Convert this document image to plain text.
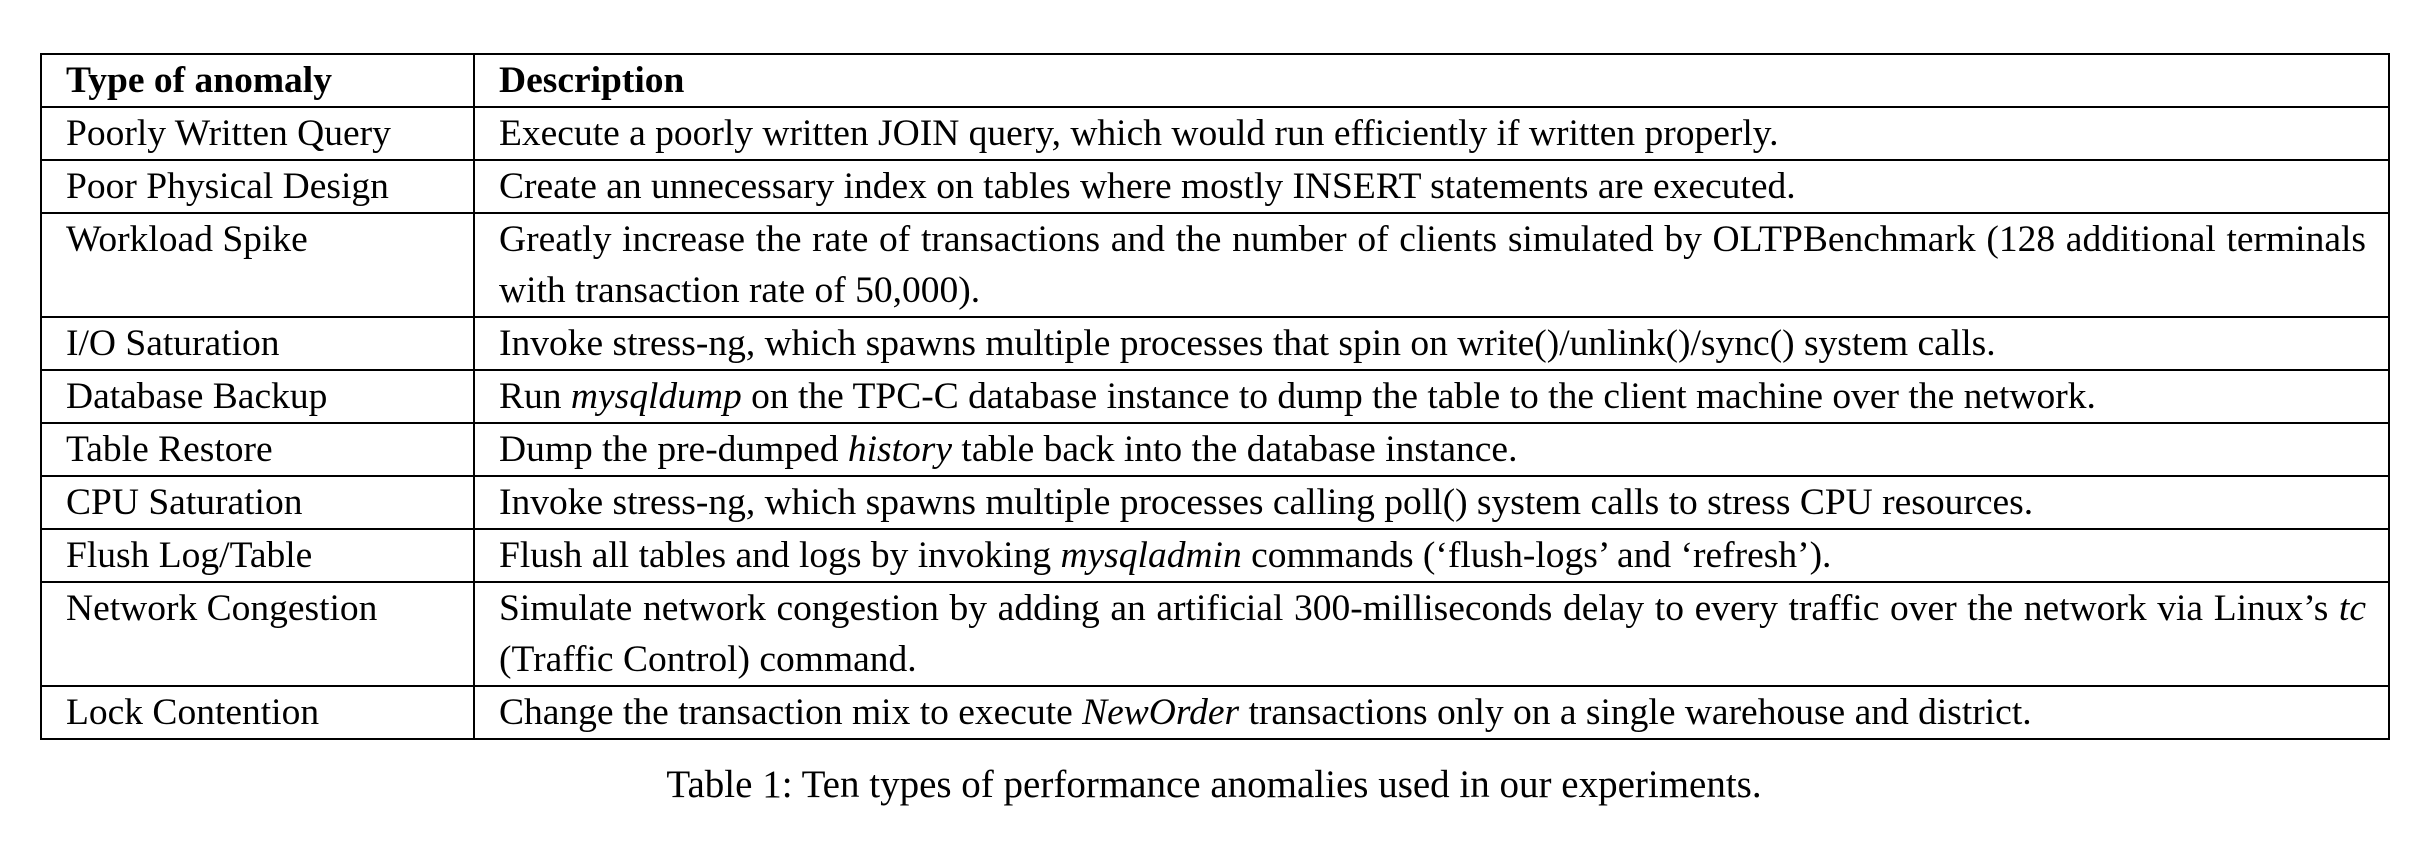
Type of anomaly	Description
Poorly Written Query	Execute a poorly written JOIN query, which would run efficiently if written properly.
Poor Physical Design	Create an unnecessary index on tables where mostly INSERT statements are executed.
Workload Spike	Greatly increase the rate of transactions and the number of clients simulated by OLTPBenchmark (128 additional terminals with transaction rate of 50,000).
I/O Saturation	Invoke stress-ng, which spawns multiple processes that spin on write()/unlink()/sync() system calls.
Database Backup	Run mysqldump on the TPC-C database instance to dump the table to the client machine over the network.
Table Restore	Dump the pre-dumped history table back into the database instance.
CPU Saturation	Invoke stress-ng, which spawns multiple processes calling poll() system calls to stress CPU resources.
Flush Log/Table	Flush all tables and logs by invoking mysqladmin commands (‘flush-logs’ and ‘refresh’).
Network Congestion	Simulate network congestion by adding an artificial 300-milliseconds delay to every traffic over the network via Linux’s tc (Traffic Control) command.
Lock Contention	Change the transaction mix to execute NewOrder transactions only on a single warehouse and district.
Table 1: Ten types of performance anomalies used in our experiments.
